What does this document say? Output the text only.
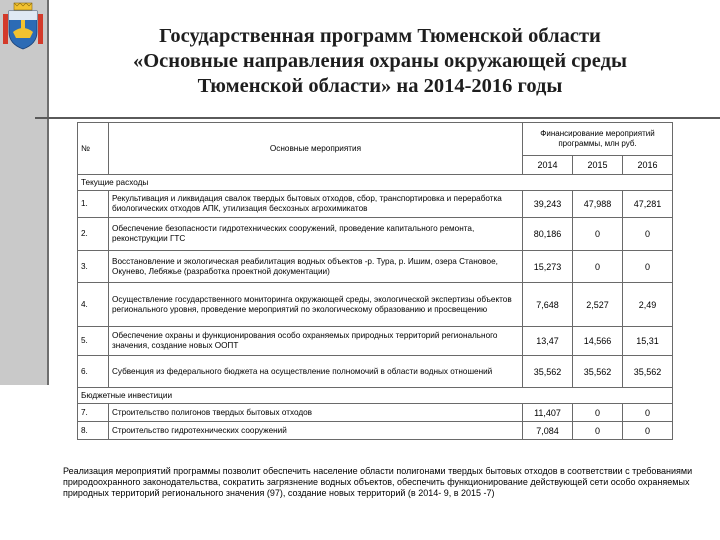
Государственная программ Тюменской области
«Основные направления охраны окружающей среды
Тюменской области» на 2014-2016 годы
№	Основные мероприятия	Финансирование мероприятий программы, млн руб.		
		2014	2015	2016
Текущие расходы				
1.	Рекультивация и ликвидация свалок твердых бытовых отходов, сбор, транспортировка и переработка биологических отходов АПК, утилизация бесхозных агрохимикатов	39,243	47,988	47,281
2.	Обеспечение безопасности гидротехнических сооружений, проведение капитального ремонта, реконструкции ГТС	80,186	0	0
3.	Восстановление и экологическая реабилитация водных объектов -р. Тура, р. Ишим, озера Становое, Окунево, Лебяжье (разработка проектной документации)	15,273	0	0
4.	Осуществление государственного мониторинга окружающей среды, экологической экспертизы объектов регионального уровня, проведение мероприятий по экологическому образованию и просвещению	7,648	2,527	2,49
5.	Обеспечение охраны и функционирования особо охраняемых природных территорий регионального значения, создание новых ООПТ	13,47	14,566	15,31
6.	Субвенция из федерального бюджета на осуществление полномочий в области водных отношений	35,562	35,562	35,562
Бюджетные инвестиции				
7.	Строительство полигонов твердых бытовых отходов	11,407	0	0
8.	Строительство гидротехнических сооружений	7,084	0	0

Реализация мероприятий программы позволит обеспечить население области полигонами твердых бытовых отходов в соответствии с требованиями природоохранного законодательства, сократить загрязнение водных объектов, обеспечить функционирование действующей сети особо охраняемых природных территорий регионального значения (97), создание новых территорий (в 2014- 9, в 2015 -7)
